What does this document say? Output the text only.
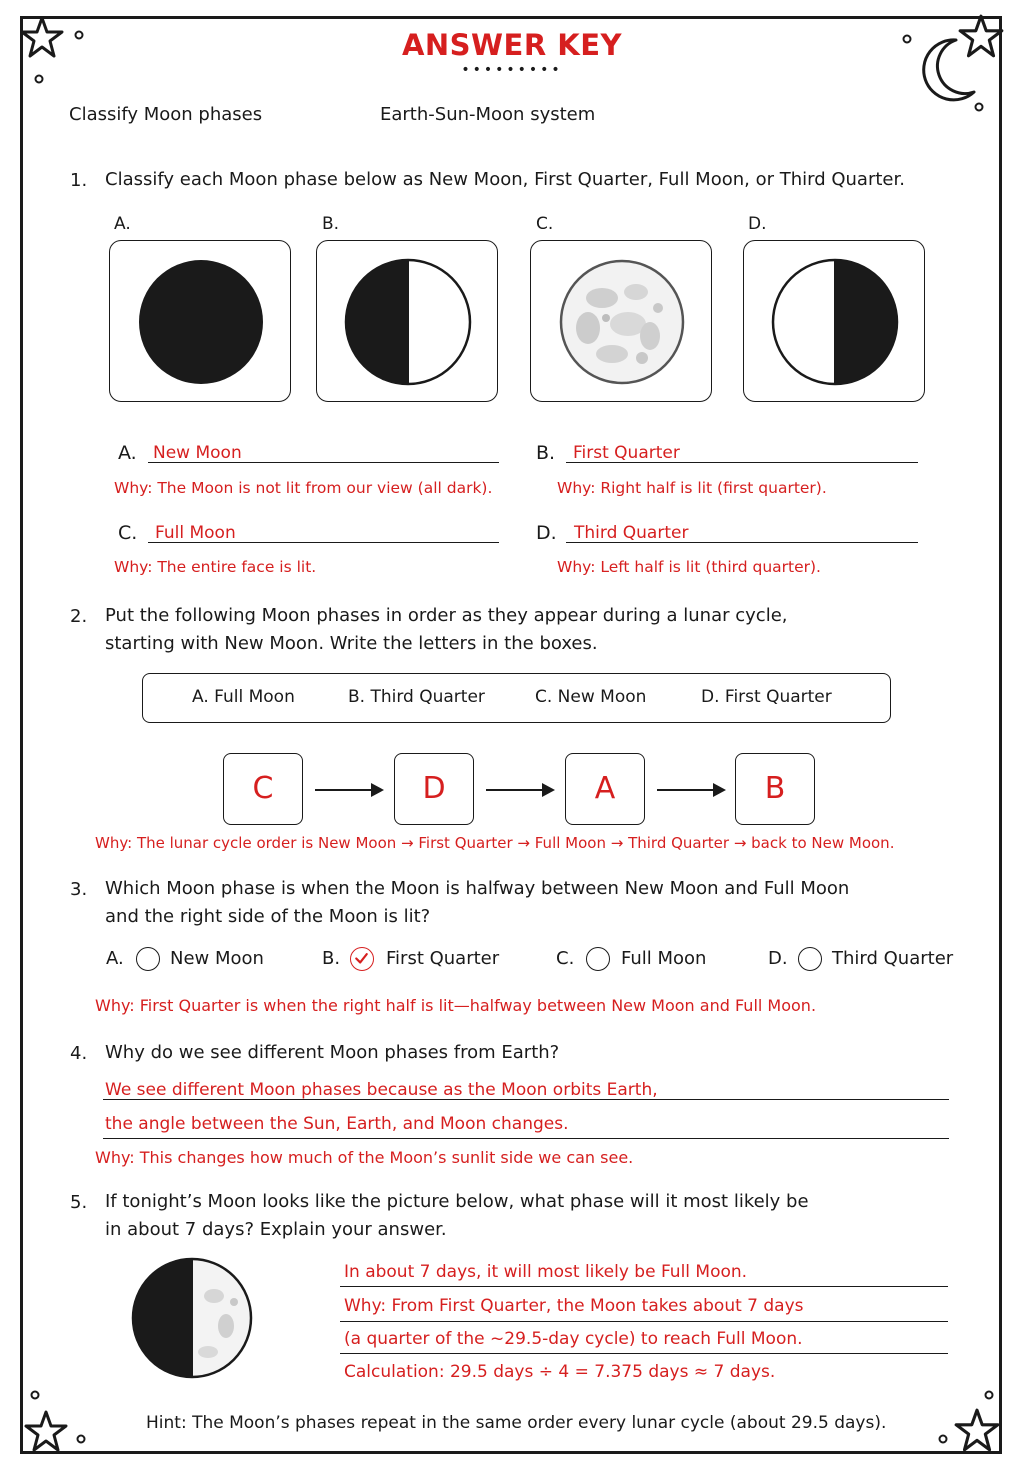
ANSWER KEY
•••••••••
Classify Moon phases	Earth-Sun-Moon system
1. Classify each Moon phase below as New Moon, First Quarter, Full Moon, or Third Quarter.
A.	B.	C.	D.
A. New Moon
Why: The Moon is not lit from our view (all dark).
B. First Quarter
Why: Right half is lit (first quarter).
C. Full Moon
Why: The entire face is lit.
D. Third Quarter
Why: Left half is lit (third quarter).
2. Put the following Moon phases in order as they appear during a lunar cycle,
starting with New Moon. Write the letters in the boxes.
A. Full Moon	B. Third Quarter	C. New Moon	D. First Quarter
C	D	A	B
Why: The lunar cycle order is New Moon → First Quarter → Full Moon → Third Quarter → back to New Moon.
3. Which Moon phase is when the Moon is halfway between New Moon and Full Moon
and the right side of the Moon is lit?
A.	New Moon	B.	First Quarter	C.	Full Moon	D. Third Quarter
Why: First Quarter is when the right half is lit—halfway between New Moon and Full Moon.
4. Why do we see different Moon phases from Earth?
We see different Moon phases because as the Moon orbits Earth,
the angle between the Sun, Earth, and Moon changes.
Why: This changes how much of the Moon’s sunlit side we can see.
5. If tonight’s Moon looks like the picture below, what phase will it most likely be
in about 7 days? Explain your answer.
In about 7 days, it will most likely be Full Moon.
Why: From First Quarter, the Moon takes about 7 days
(a quarter of the ~29.5-day cycle) to reach Full Moon.
Calculation: 29.5 days ÷ 4 = 7.375 days ≈ 7 days.
Hint: The Moon’s phases repeat in the same order every lunar cycle (about 29.5 days).
